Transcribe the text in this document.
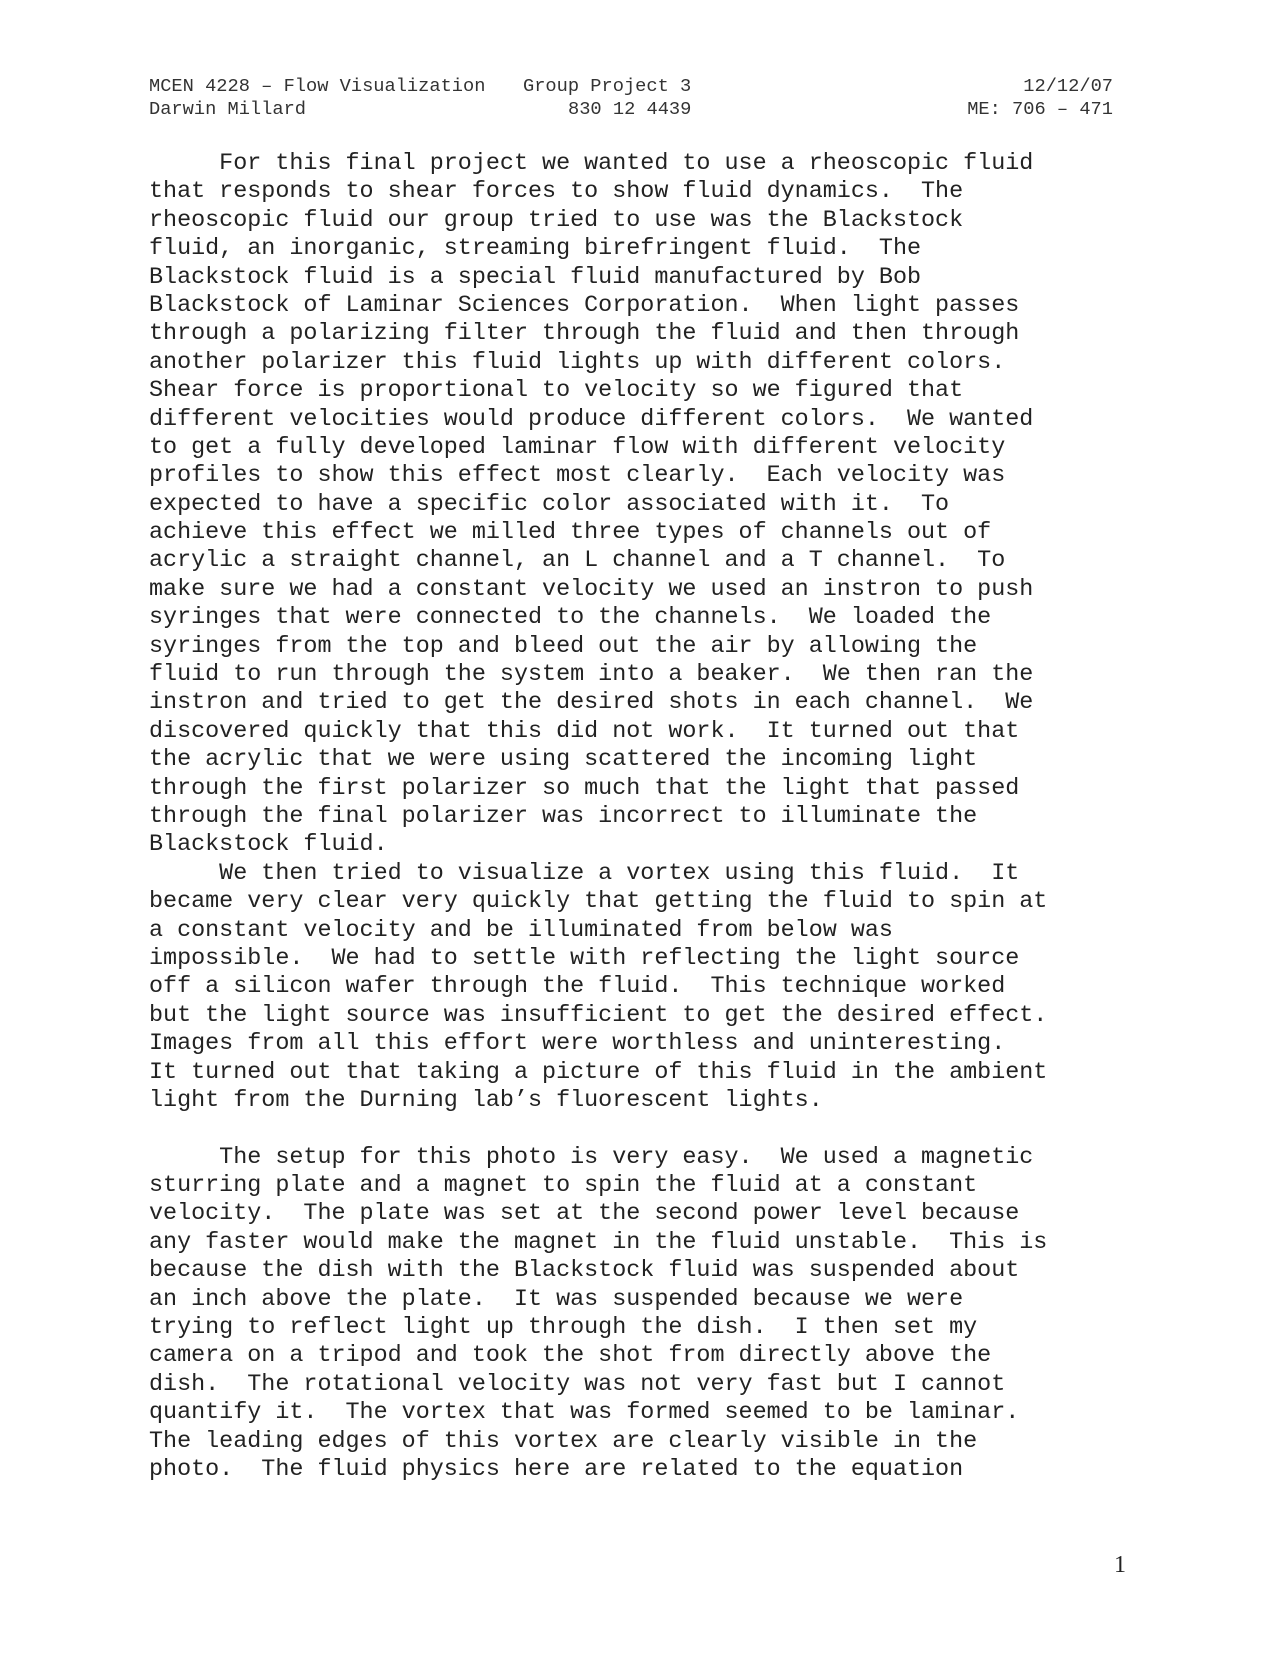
MCEN 4228 – Flow Visualization

Group Project 3

	12/12/07

Darwin Millard

	830 12 4439

	ME: 706 – 471

For this final project we wanted to use a rheoscopic fluid
that responds to shear forces to show fluid dynamics.  The
rheoscopic fluid our group tried to use was the Blackstock
fluid, an inorganic, streaming birefringent fluid.  The
Blackstock fluid is a special fluid manufactured by Bob
Blackstock of Laminar Sciences Corporation.  When light passes
through a polarizing filter through the fluid and then through
another polarizer this fluid lights up with different colors.
Shear force is proportional to velocity so we figured that
different velocities would produce different colors.  We wanted
to get a fully developed laminar flow with different velocity
profiles to show this effect most clearly.  Each velocity was
expected to have a specific color associated with it.  To
achieve this effect we milled three types of channels out of
acrylic a straight channel, an L channel and a T channel.  To
make sure we had a constant velocity we used an instron to push
syringes that were connected to the channels.  We loaded the
syringes from the top and bleed out the air by allowing the
fluid to run through the system into a beaker.  We then ran the
instron and tried to get the desired shots in each channel.  We
discovered quickly that this did not work.  It turned out that
the acrylic that we were using scattered the incoming light
through the first polarizer so much that the light that passed
through the final polarizer was incorrect to illuminate the
Blackstock fluid.
We then tried to visualize a vortex using this fluid.  It
became very clear very quickly that getting the fluid to spin at
a constant velocity and be illuminated from below was
impossible.  We had to settle with reflecting the light source
off a silicon wafer through the fluid.  This technique worked
but the light source was insufficient to get the desired effect.
Images from all this effort were worthless and uninteresting.
It turned out that taking a picture of this fluid in the ambient
light from the Durning lab’s fluorescent lights.
The setup for this photo is very easy.  We used a magnetic
sturring plate and a magnet to spin the fluid at a constant
velocity.  The plate was set at the second power level because
any faster would make the magnet in the fluid unstable.  This is
because the dish with the Blackstock fluid was suspended about
an inch above the plate.  It was suspended because we were
trying to reflect light up through the dish.  I then set my
camera on a tripod and took the shot from directly above the
dish.  The rotational velocity was not very fast but I cannot
quantify it.  The vortex that was formed seemed to be laminar.
The leading edges of this vortex are clearly visible in the
photo.  The fluid physics here are related to the equation
1
